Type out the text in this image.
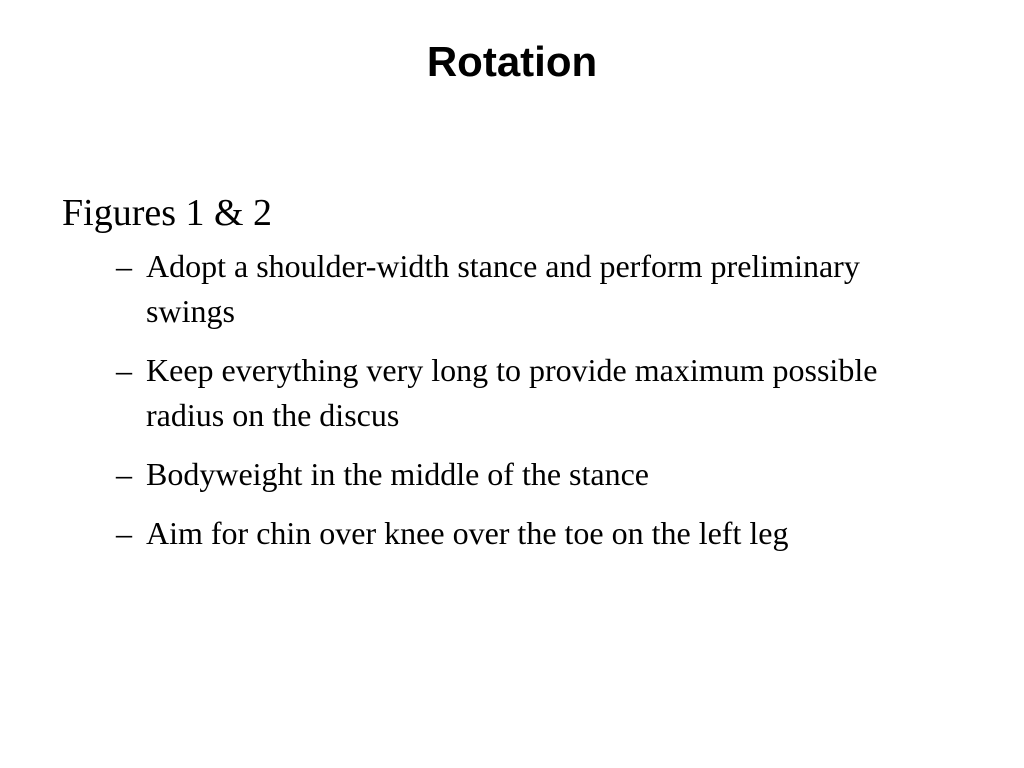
Rotation
Figures 1 & 2
– Adopt a shoulder-width stance and perform preliminary swings
– Keep everything very long to provide maximum possible radius on the discus
– Bodyweight in the middle of the stance
– Aim for chin over knee over the toe on the left leg
